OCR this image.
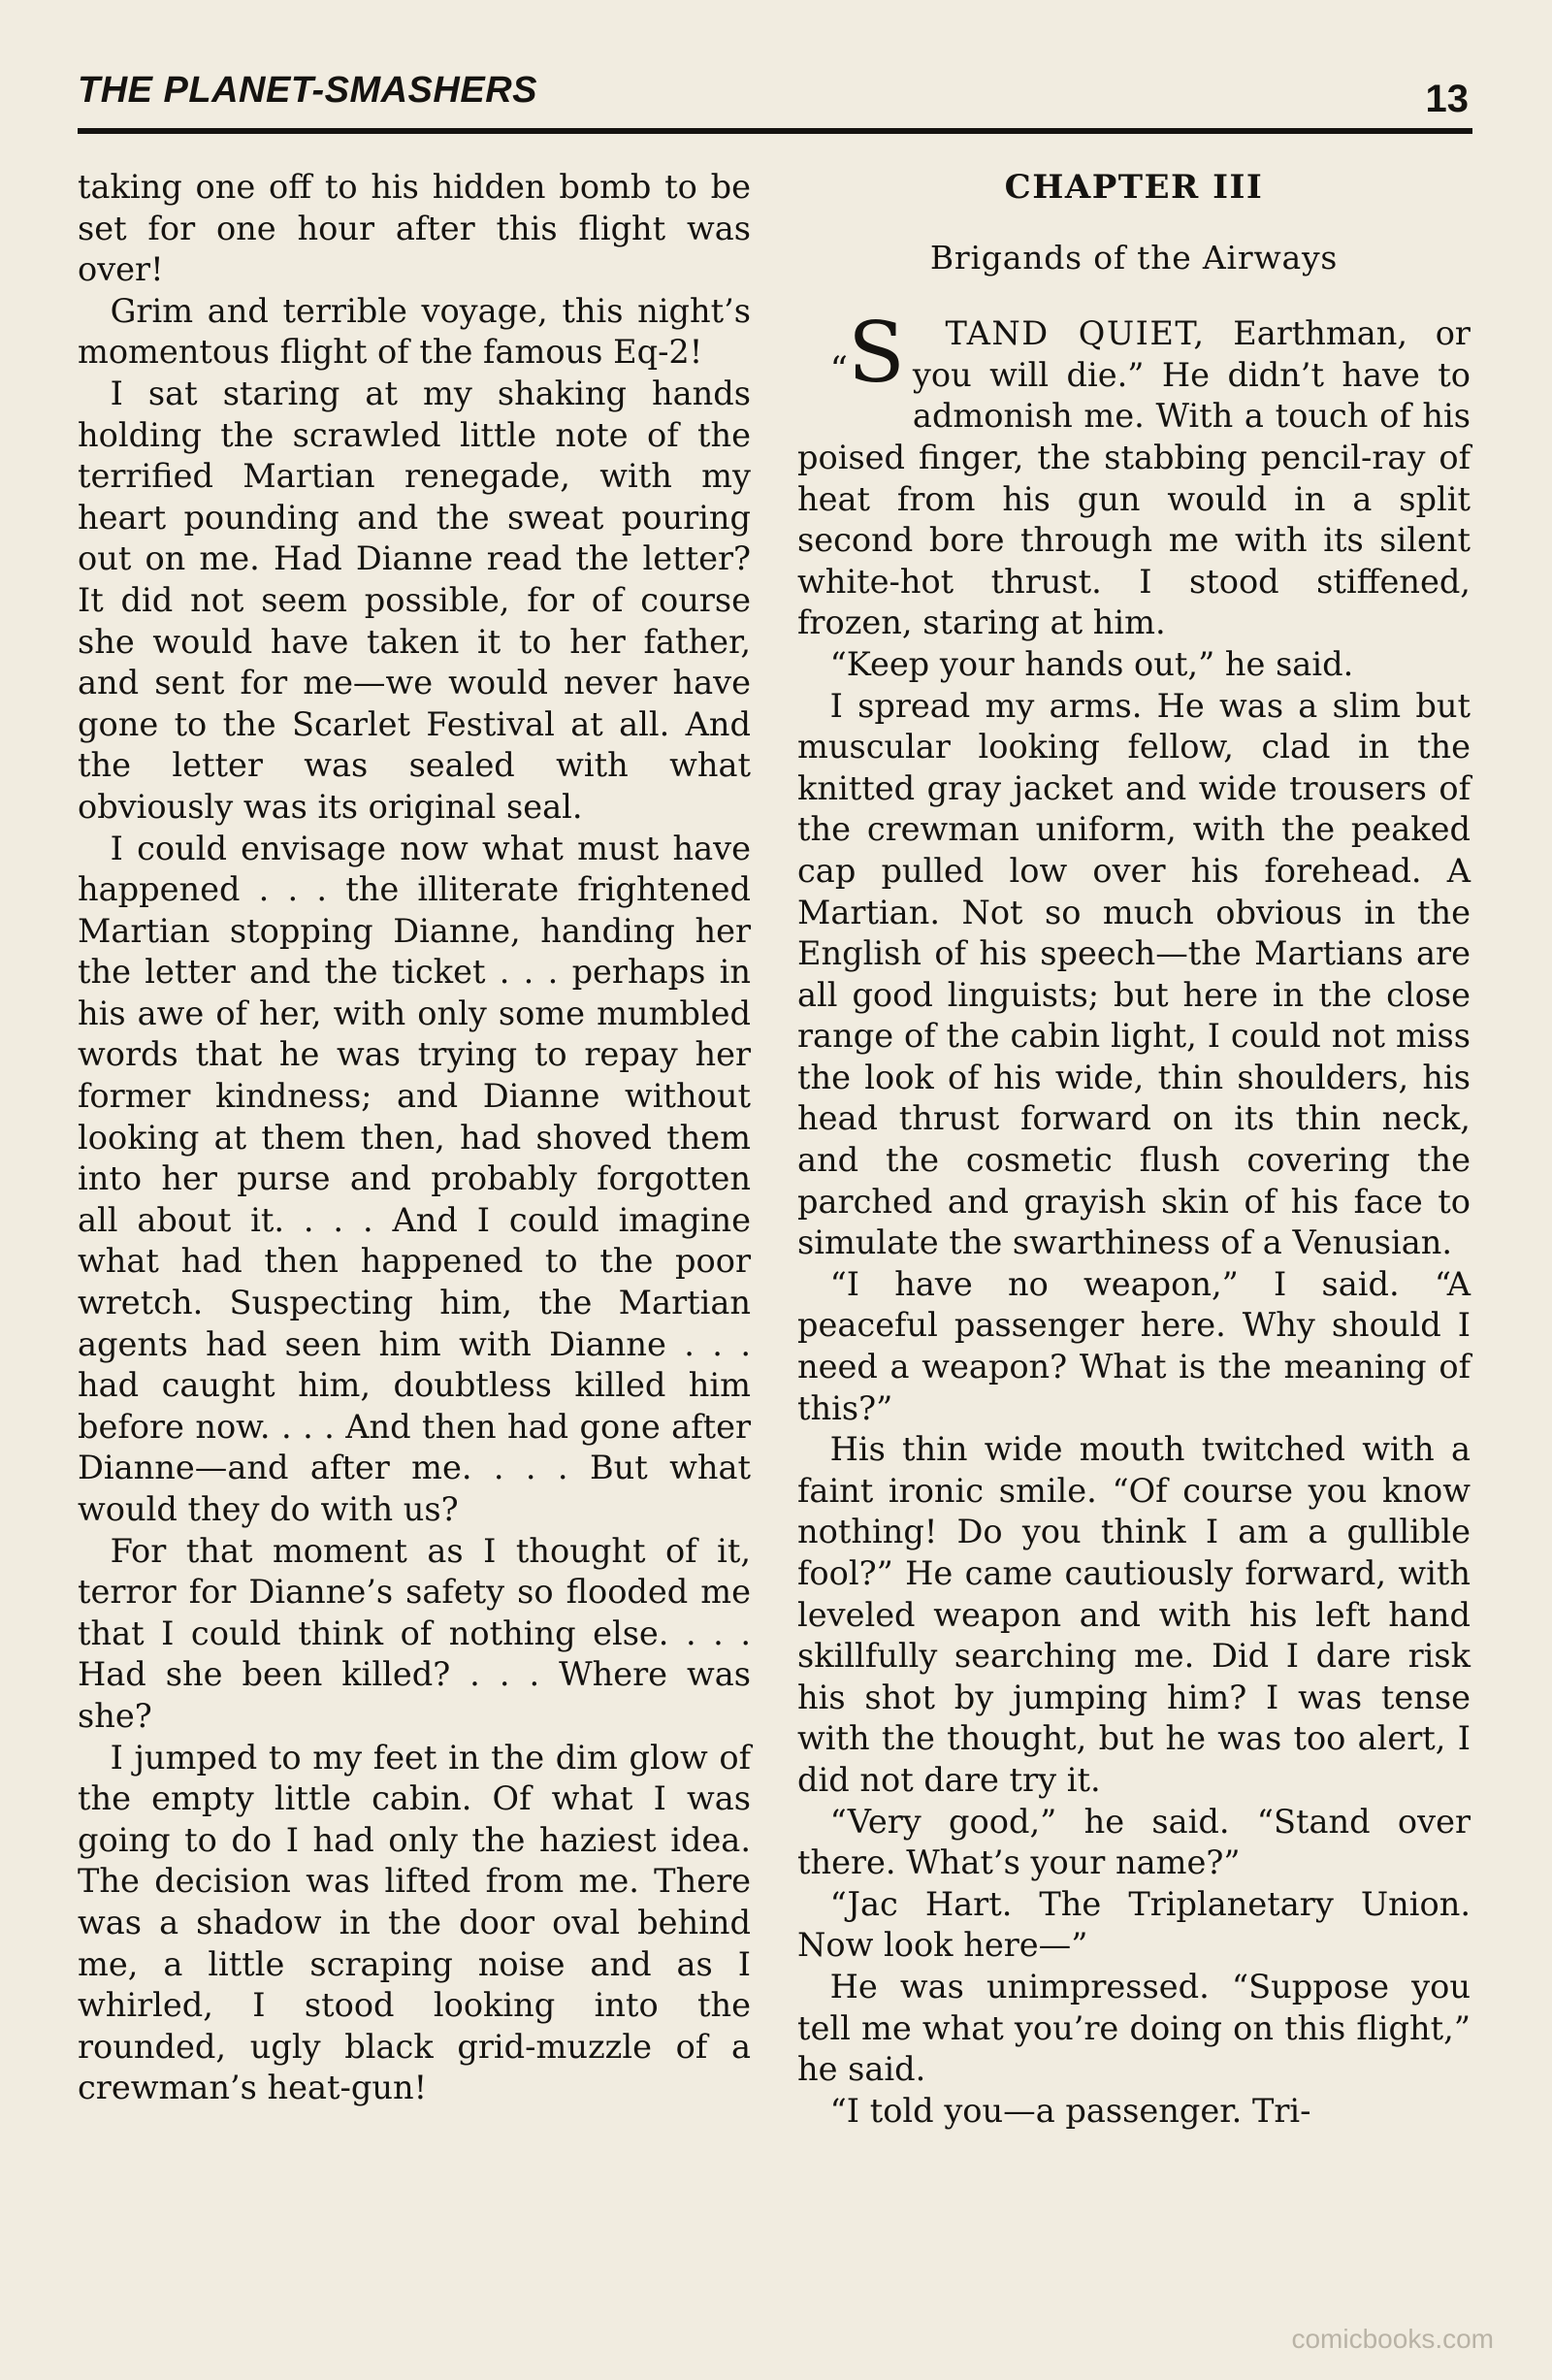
THE PLANET-SMASHERS	13

taking one off to his hidden bomb to be set for one hour after this flight was over!

Grim and terrible voyage, this night’s momentous flight of the famous Eq-2!

I sat staring at my shaking hands holding the scrawled little note of the terrified Martian renegade, with my heart pounding and the sweat pouring out on me. Had Dianne read the letter? It did not seem possible, for of course she would have taken it to her father, and sent for me—we would never have gone to the Scarlet Festival at all. And the letter was sealed with what obviously was its original seal.

I could envisage now what must have happened . . . the illiterate frightened Martian stopping Dianne, handing her the letter and the ticket . . . perhaps in his awe of her, with only some mumbled words that he was trying to repay her former kindness; and Dianne without looking at them then, had shoved them into her purse and probably forgotten all about it. . . . And I could imagine what had then happened to the poor wretch. Suspecting him, the Martian agents had seen him with Dianne . . . had caught him, doubtless killed him before now. . . . And then had gone after Dianne—and after me. . . . But what would they do with us?

For that moment as I thought of it, terror for Dianne’s safety so flooded me that I could think of nothing else. . . . Had she been killed? . . . Where was she?

I jumped to my feet in the dim glow of the empty little cabin. Of what I was going to do I had only the haziest idea. The decision was lifted from me. There was a shadow in the door oval behind me, a little scraping noise and as I whirled, I stood looking into the rounded, ugly black grid-muzzle of a crewman’s heat-gun!

CHAPTER III
Brigands of the Airways

“S TAND QUIET, Earthman, or you will die.” He didn’t have to admonish me. With a touch of his poised finger, the stabbing pencil-ray of heat from his gun would in a split second bore through me with its silent white-hot thrust. I stood stiffened, frozen, staring at him.

“Keep your hands out,” he said.

I spread my arms. He was a slim but muscular looking fellow, clad in the knitted gray jacket and wide trousers of the crewman uniform, with the peaked cap pulled low over his forehead. A Martian. Not so much obvious in the English of his speech—the Martians are all good linguists; but here in the close range of the cabin light, I could not miss the look of his wide, thin shoulders, his head thrust forward on its thin neck, and the cosmetic flush covering the parched and grayish skin of his face to simulate the swarthiness of a Venusian.

“I have no weapon,” I said. “A peaceful passenger here. Why should I need a weapon? What is the meaning of this?”

His thin wide mouth twitched with a faint ironic smile. “Of course you know nothing! Do you think I am a gullible fool?” He came cautiously forward, with leveled weapon and with his left hand skillfully searching me. Did I dare risk his shot by jumping him? I was tense with the thought, but he was too alert, I did not dare try it.

“Very good,” he said. “Stand over there. What’s your name?”

“Jac Hart. The Triplanetary Union. Now look here—”

He was unimpressed. “Suppose you tell me what you’re doing on this flight,” he said.

“I told you—a passenger. Tri-

comicbooks.com
